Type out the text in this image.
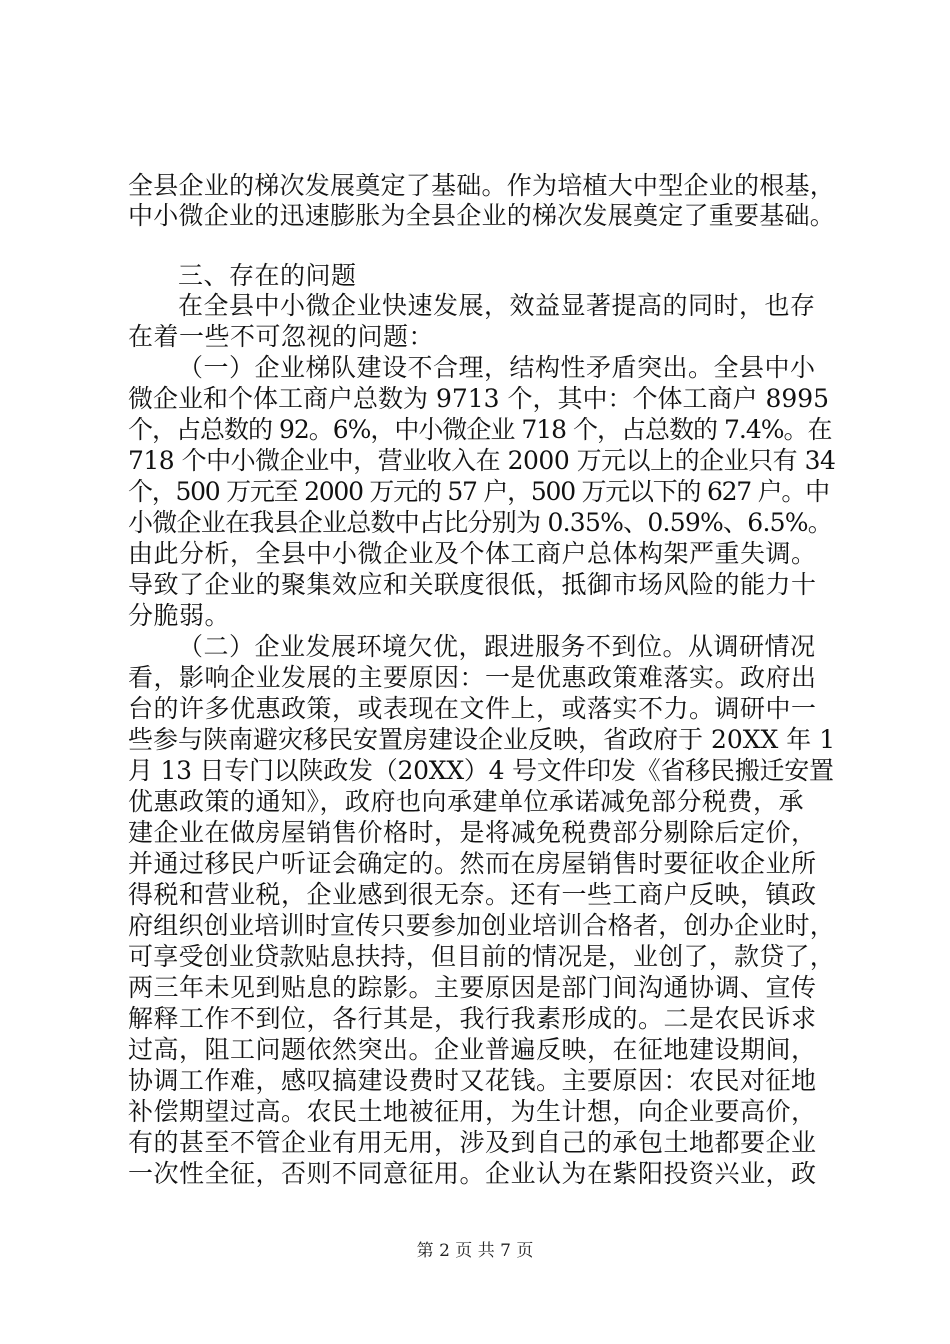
全县企业的梯次发展奠定了基础。作为培植大中型企业的根基，
中小微企业的迅速膨胀为全县企业的梯次发展奠定了重要基础。
三、存在的问题
在全县中小微企业快速发展，效益显著提高的同时，也存
在着一些不可忽视的问题：
（一）企业梯队建设不合理，结构性矛盾突出。全县中小
微企业和个体工商户总数为 9713 个，其中：个体工商户 8995
个，占总数的 92。6%，中小微企业 718 个，占总数的 7.4%。在
718 个中小微企业中，营业收入在 2000 万元以上的企业只有 34
个，500 万元至 2000 万元的 57 户，500 万元以下的 627 户。中
小微企业在我县企业总数中占比分别为 0.35%、0.59%、6.5%。
由此分析，全县中小微企业及个体工商户总体构架严重失调。
导致了企业的聚集效应和关联度很低，抵御市场风险的能力十
分脆弱。
（二）企业发展环境欠优，跟进服务不到位。从调研情况
看，影响企业发展的主要原因：一是优惠政策难落实。政府出
台的许多优惠政策，或表现在文件上，或落实不力。调研中一
些参与陕南避灾移民安置房建设企业反映，省政府于 20XX 年 1
月 13 日专门以陕政发（20XX）4 号文件印发《省移民搬迁安置
优惠政策的通知》，政府也向承建单位承诺减免部分税费，承
建企业在做房屋销售价格时，是将减免税费部分剔除后定价，
并通过移民户听证会确定的。然而在房屋销售时要征收企业所
得税和营业税，企业感到很无奈。还有一些工商户反映，镇政
府组织创业培训时宣传只要参加创业培训合格者，创办企业时，
可享受创业贷款贴息扶持，但目前的情况是，业创了，款贷了，
两三年未见到贴息的踪影。主要原因是部门间沟通协调、宣传
解释工作不到位，各行其是，我行我素形成的。二是农民诉求
过高，阻工问题依然突出。企业普遍反映，在征地建设期间，
协调工作难，感叹搞建设费时又花钱。主要原因：农民对征地
补偿期望过高。农民土地被征用，为生计想，向企业要高价，
有的甚至不管企业有用无用，涉及到自己的承包土地都要企业
一次性全征，否则不同意征用。企业认为在紫阳投资兴业，政
第 2 页 共 7 页
